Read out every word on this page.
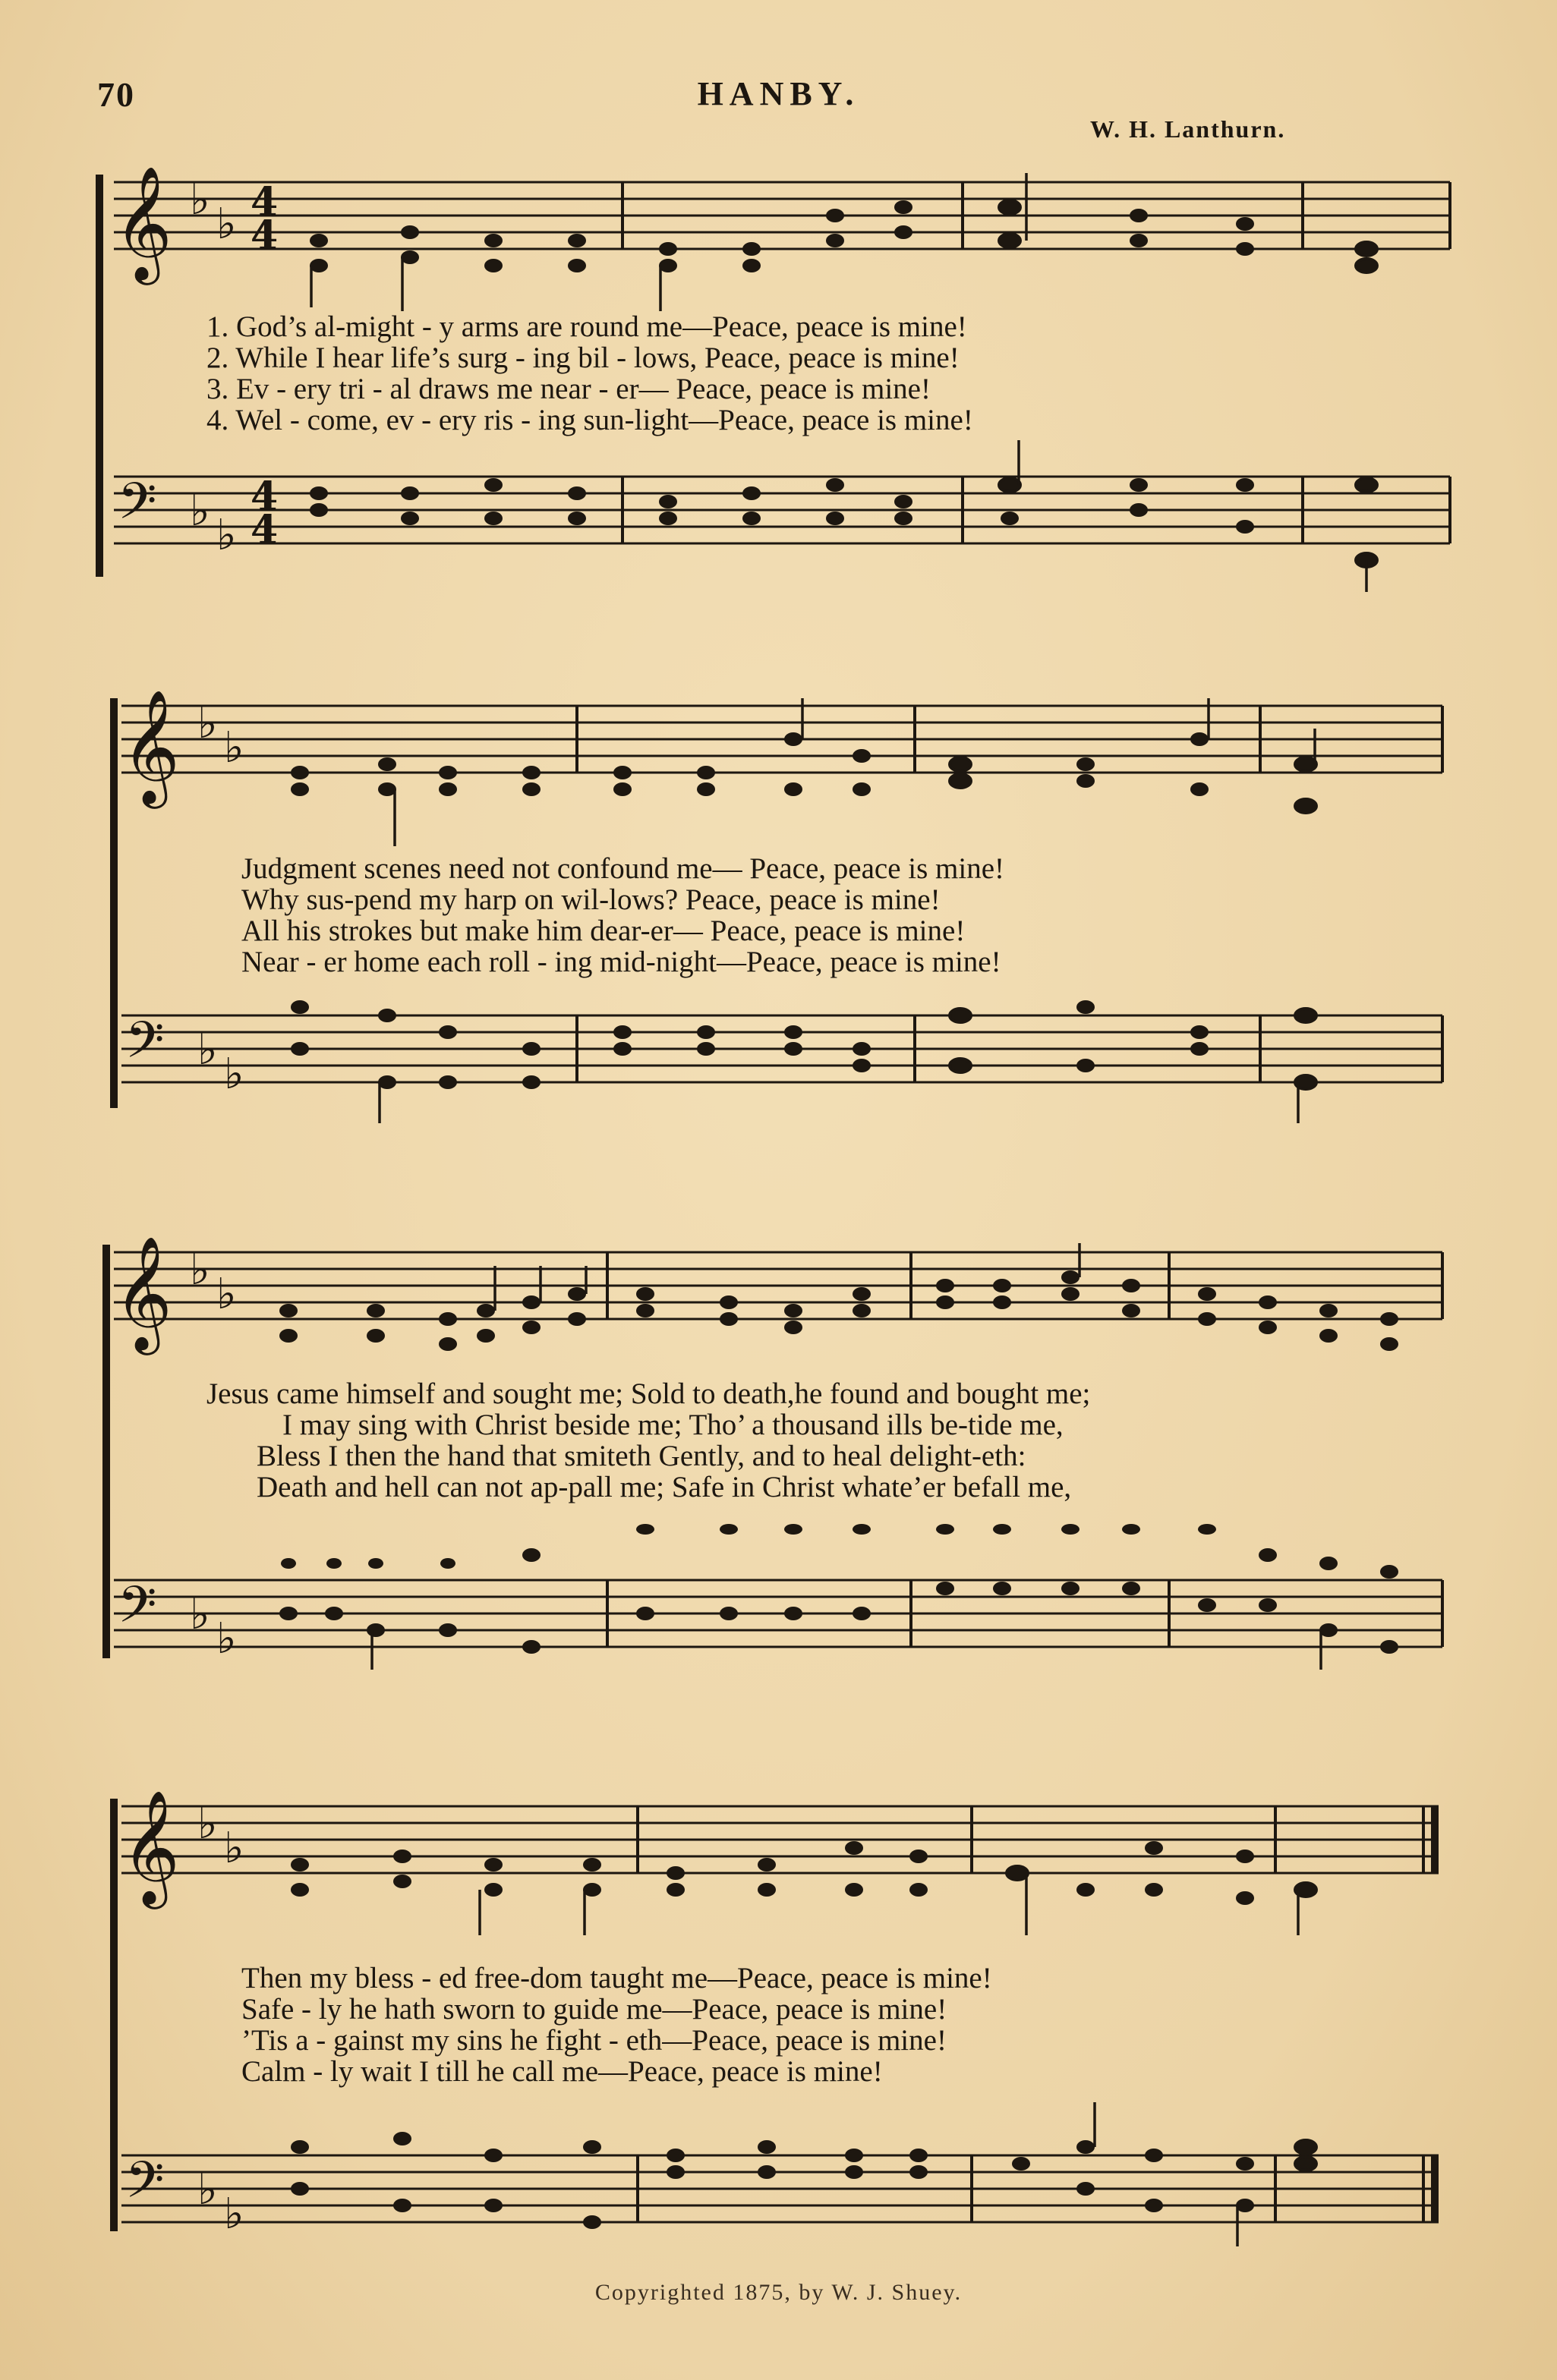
70	HANBY.
W. H. Lanthurn.
𝄞
𝄢
♭ ♭
♭ ♭
4
4
4
4
1. God’s al-might - y arms are round me—Peace, peace is mine!
2. While I hear life’s surg - ing bil - lows, Peace, peace is mine!
3. Ev - ery tri - al draws me near - er— Peace, peace is mine!
4. Wel - come, ev - ery ris - ing sun-light—Peace, peace is mine!
𝄞
𝄢
♭ ♭
♭ ♭
Judgment scenes need not confound me— Peace, peace is mine!
Why sus-pend my harp on wil-lows? Peace, peace is mine!
All his strokes but make him dear-er— Peace, peace is mine!
Near - er home each roll - ing mid-night—Peace, peace is mine!
𝄞
𝄢
♭ ♭
♭ ♭
Jesus came himself and sought me; Sold to death,he found and bought me;
I may sing with Christ beside me; Tho’ a thousand ills be-tide me,
Bless I then the hand that smiteth Gently, and to heal delight-eth:
Death and hell can not ap-pall me; Safe in Christ whate’er befall me,
𝄞
𝄢
♭ ♭
♭ ♭
Then my bless - ed free-dom taught me—Peace, peace is mine!
Safe - ly he hath sworn to guide me—Peace, peace is mine!
’Tis a - gainst my sins he fight - eth—Peace, peace is mine!
Calm - ly wait I till he call me—Peace, peace is mine!
Copyrighted 1875, by W. J. Shuey.
